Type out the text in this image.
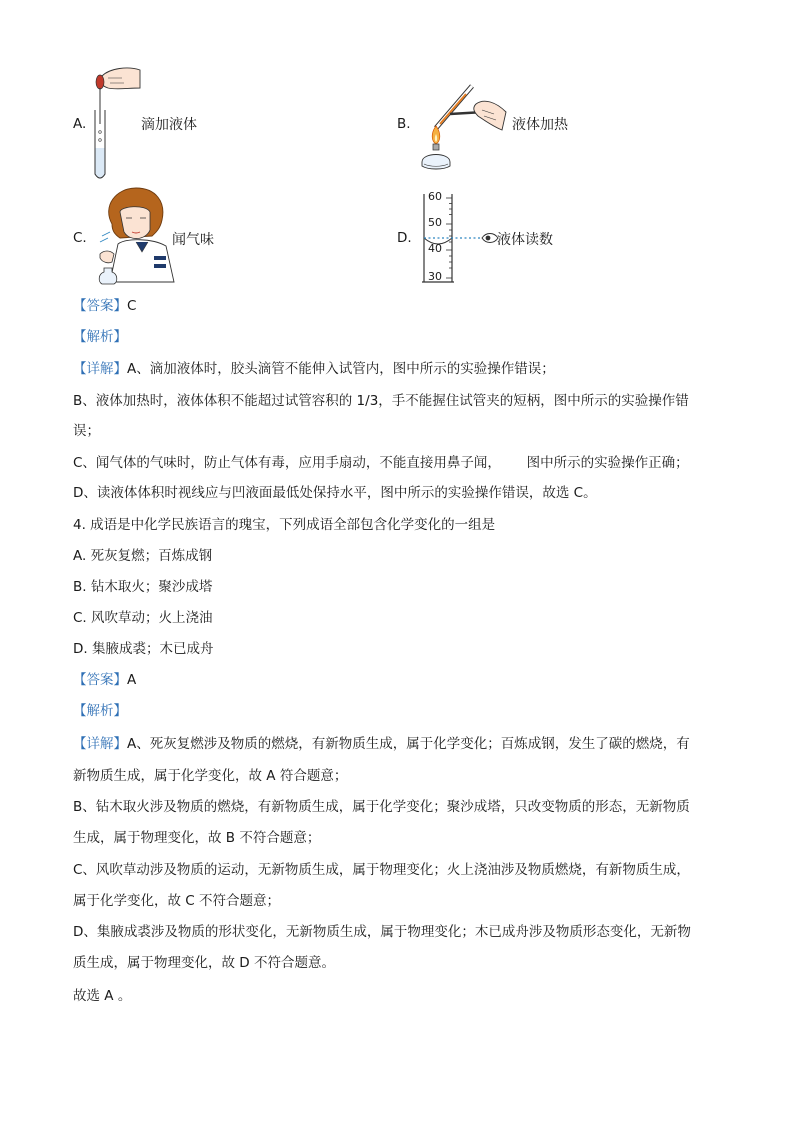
A.	滴加液体	B.	液体加热
C.	闻气味	D.
60
50
40
30
液体读数
【答案】C
【解析】
【详解】A、滴加液体时，胶头滴管不能伸入试管内，图中所示的实验操作错误；
B、液体加热时，液体体积不能超过试管容积的 1/3，手不能握住试管夹的短柄，图中所示的实验操作错
误；
C、闻气体的气味时，防止气体有毒，应用手扇动，不能直接用鼻子闻，      图中所示的实验操作正确；
D、读液体体积时视线应与凹液面最低处保持水平，图中所示的实验操作错误，故选 C。
4. 成语是中化学民族语言的瑰宝，下列成语全部包含化学变化的一组是
A. 死灰复燃；百炼成钢
B. 钻木取火；聚沙成塔
C. 风吹草动；火上浇油
D. 集腋成裘；木已成舟
【答案】A
【解析】
【详解】A、死灰复燃涉及物质的燃烧，有新物质生成，属于化学变化；百炼成钢，发生了碳的燃烧，有
新物质生成，属于化学变化，故 A 符合题意；
B、钻木取火涉及物质的燃烧，有新物质生成，属于化学变化；聚沙成塔，只改变物质的形态，无新物质
生成，属于物理变化，故 B 不符合题意；
C、风吹草动涉及物质的运动，无新物质生成，属于物理变化；火上浇油涉及物质燃烧，有新物质生成，
属于化学变化，故 C 不符合题意；
D、集腋成裘涉及物质的形状变化，无新物质生成，属于物理变化；木已成舟涉及物质形态变化，无新物
质生成，属于物理变化，故 D 不符合题意。
故选 A 。
